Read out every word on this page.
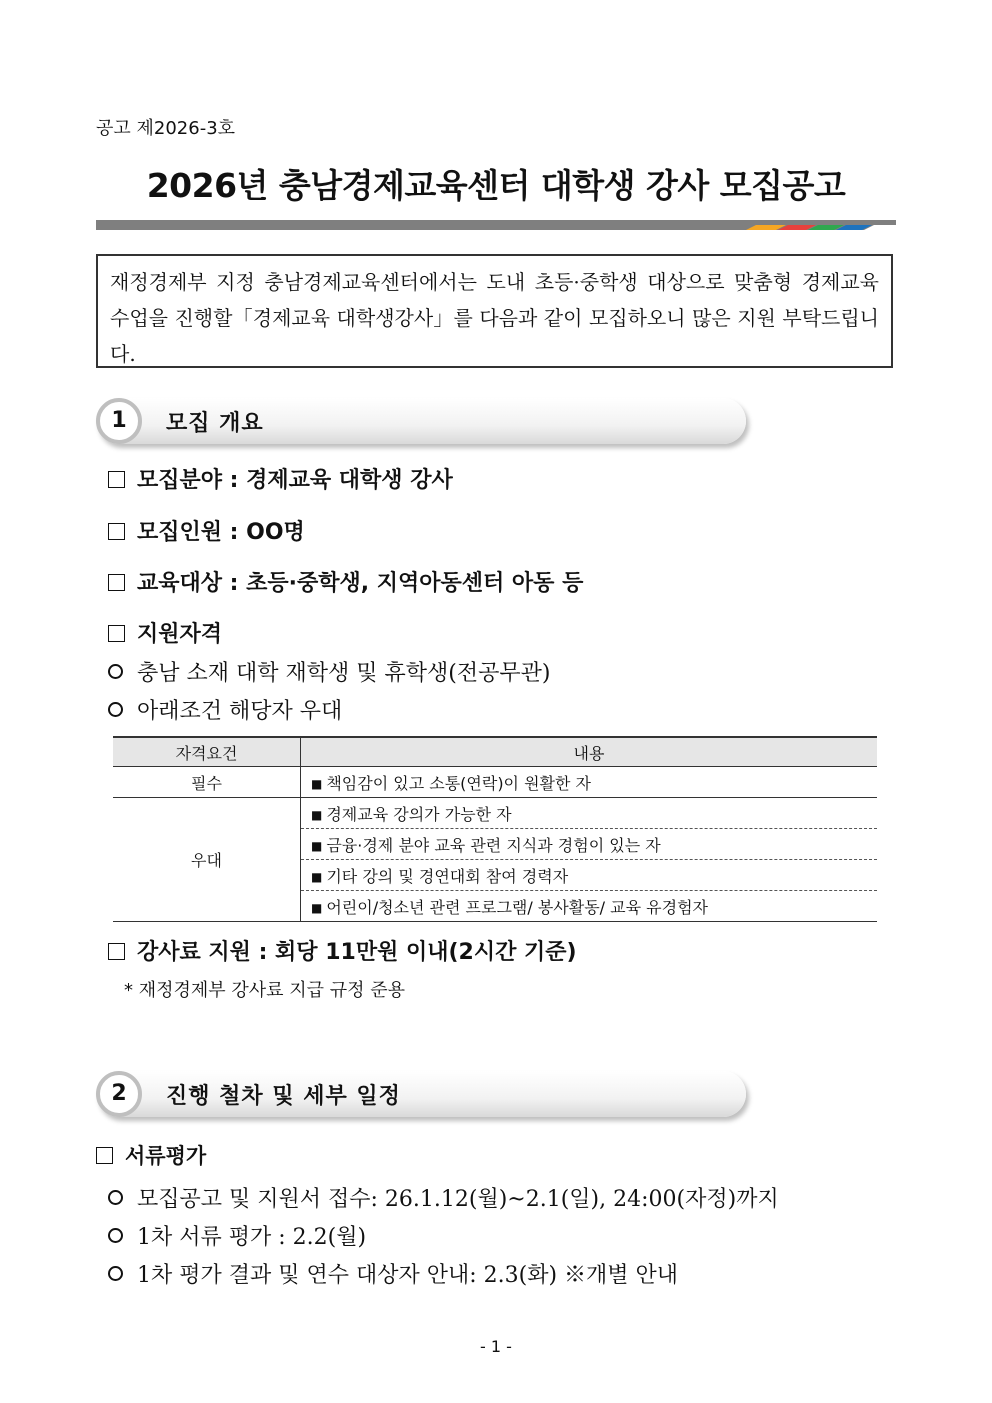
공고 제2026-3호
2026년 충남경제교육센터 대학생 강사 모집공고
재정경제부 지정 충남경제교육센터에서는 도내 초등·중학생 대상으로 맞춤형 경제교육 수업을 진행할「경제교육 대학생강사」를 다음과 같이 모집하오니 많은 지원 부탁드립니다.
1	모집 개요
모집분야 : 경제교육 대학생 강사
모집인원 : OO명
교육대상 : 초등·중학생, 지역아동센터 아동 등
지원자격
충남 소재 대학 재학생 및 휴학생(전공무관)
아래조건 해당자 우대
자격요건	내용
필수	■ 책임감이 있고 소통(연락)이 원활한 자
우대	■ 경제교육 강의가 가능한 자
	■ 금융·경제 분야 교육 관련 지식과 경험이 있는 자
	■ 기타 강의 및 경연대회 참여 경력자
	■ 어린이/청소년 관련 프로그램/ 봉사활동/ 교육 유경험자
강사료 지원 : 회당 11만원 이내(2시간 기준)
* 재정경제부 강사료 지급 규정 준용
2	진행 철차 및 세부 일정
서류평가
모집공고 및 지원서 접수: 26.1.12(월)~2.1(일), 24:00(자정)까지
1차 서류 평가 : 2.2(월)
1차 평가 결과 및 연수 대상자 안내: 2.3(화) ※개별 안내
- 1 -
